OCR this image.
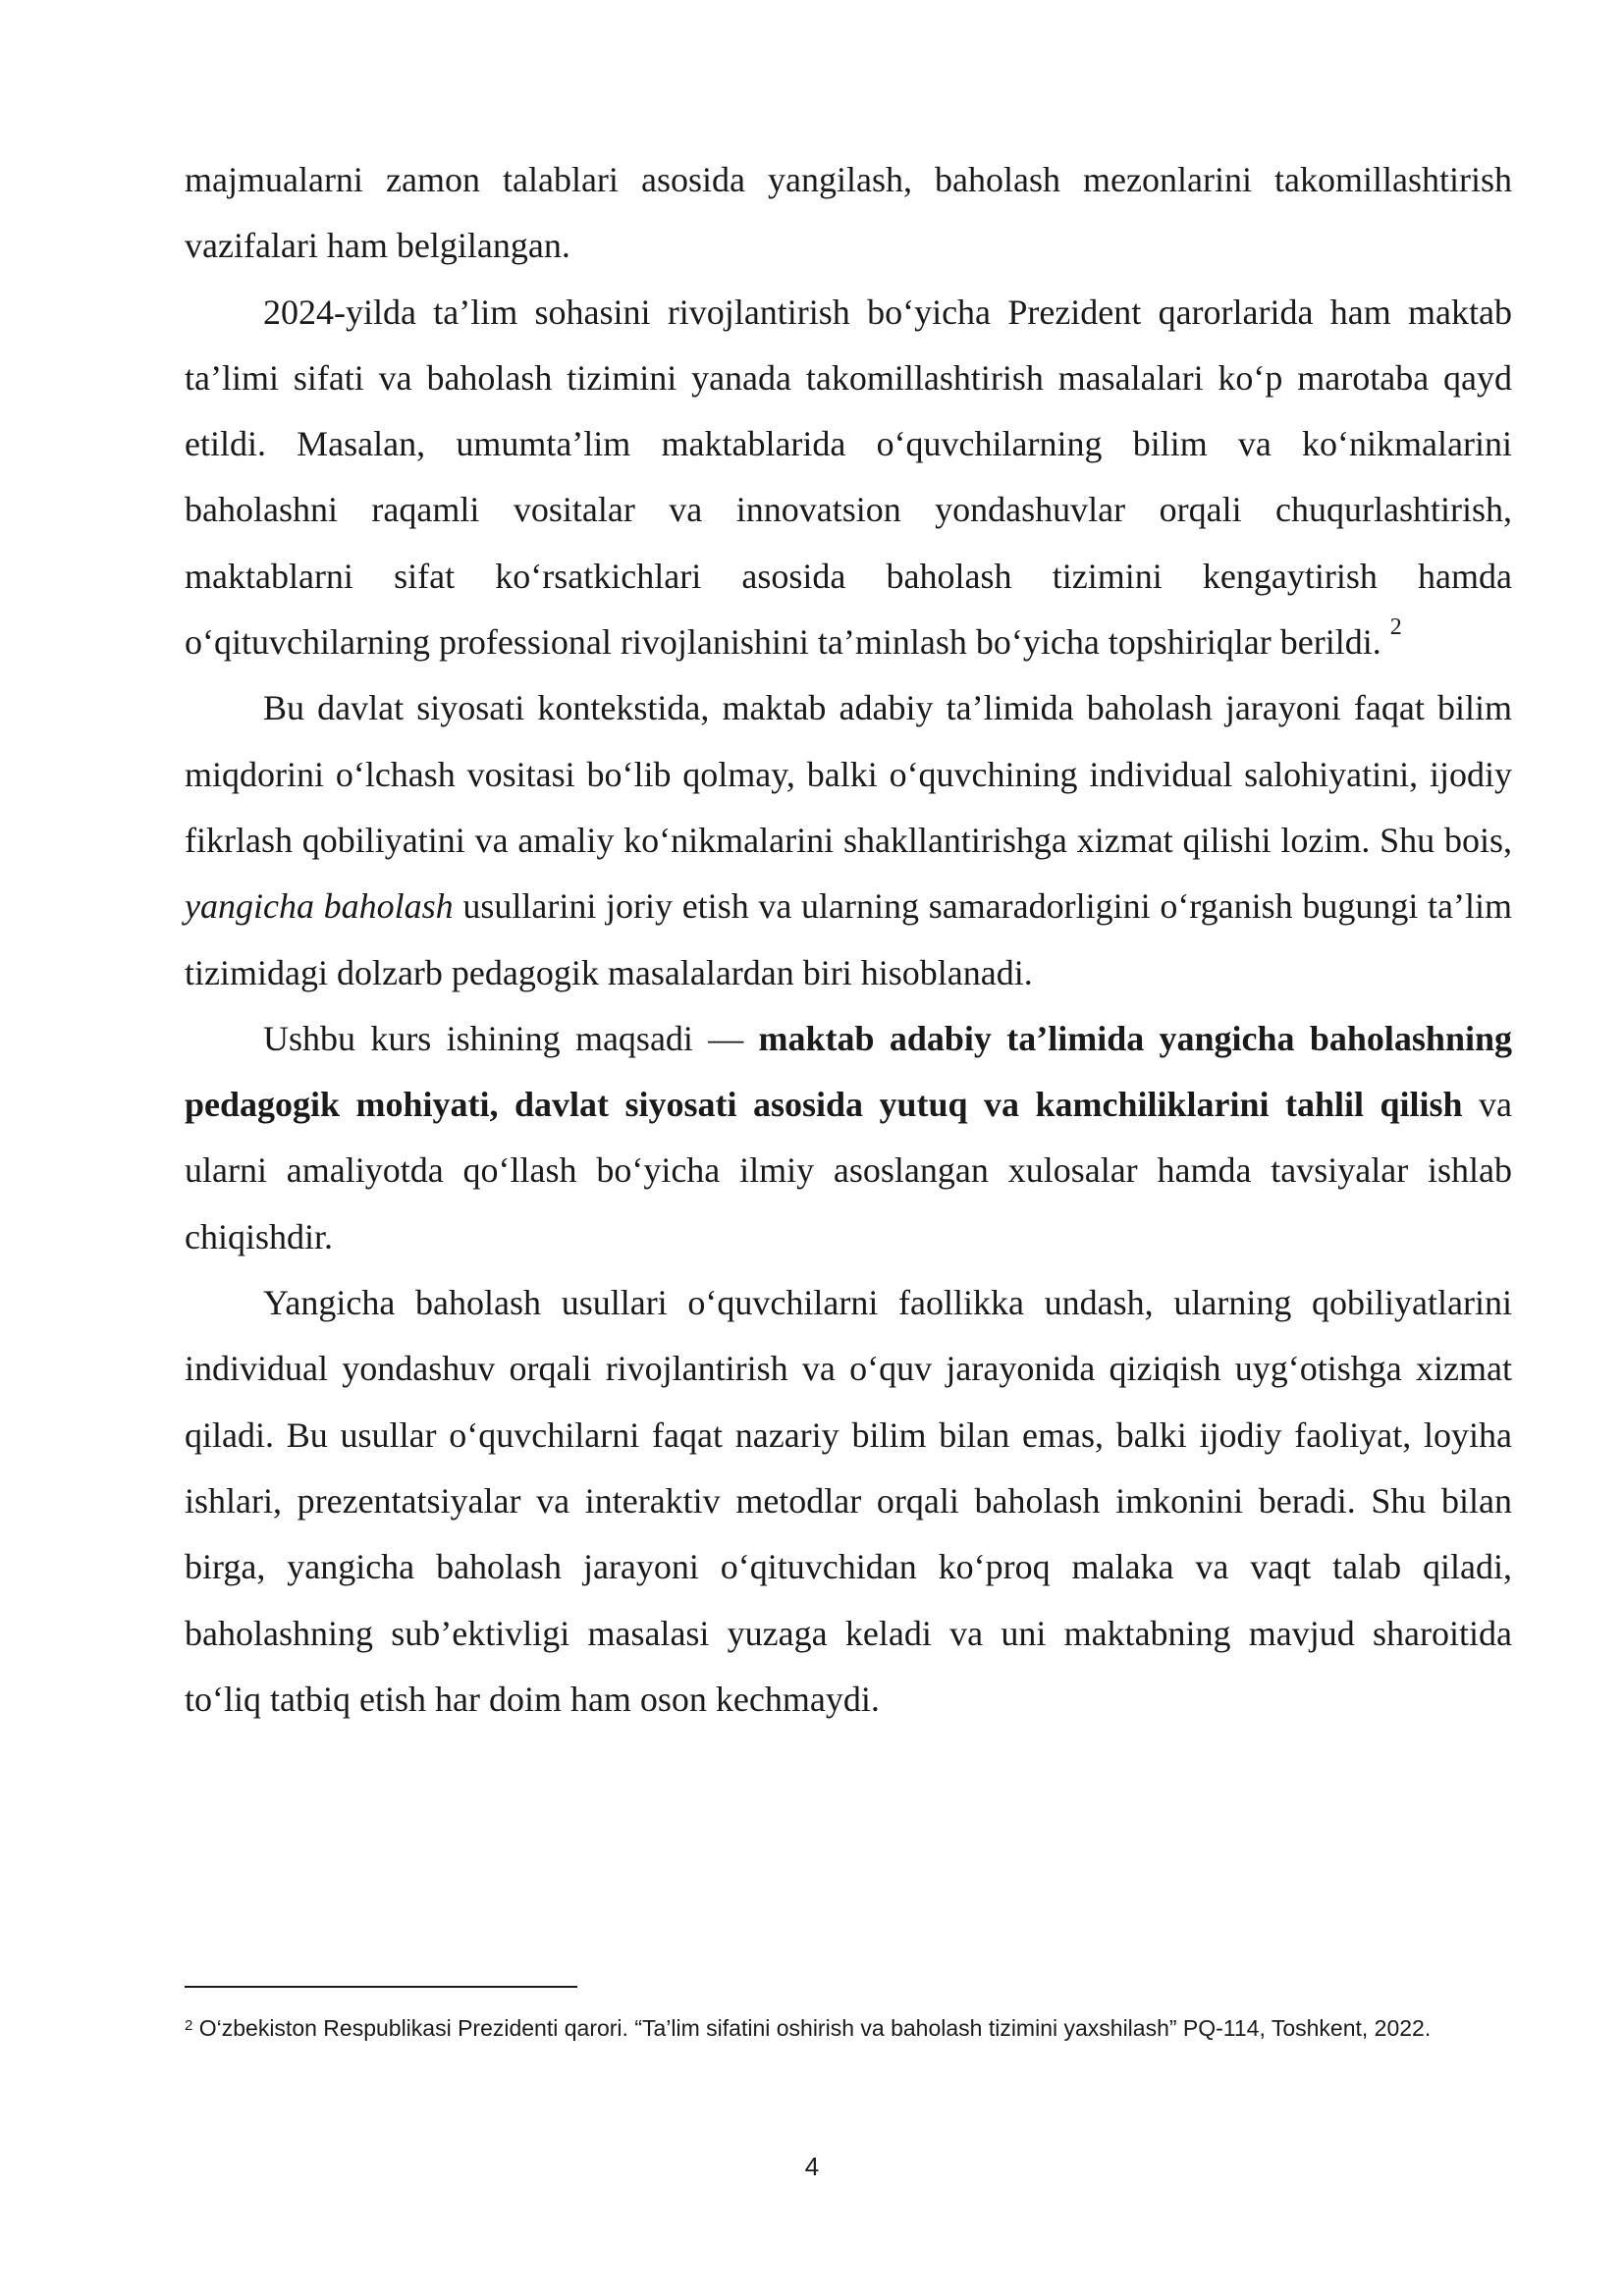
majmualarni zamon talablari asosida yangilash, baholash mezonlarini takomillashtirish vazifalari ham belgilangan.

2024-yilda ta’lim sohasini rivojlantirish bo‘yicha Prezident qarorlarida ham maktab ta’limi sifati va baholash tizimini yanada takomillashtirish masalalari ko‘p marotaba qayd etildi. Masalan, umumta’lim maktablarida o‘quvchilarning bilim va ko‘nikmalarini baholashni raqamli vositalar va innovatsion yondashuvlar orqali chuqurlashtirish, maktablarni sifat ko‘rsatkichlari asosida baholash tizimini kengaytirish hamda o‘qituvchilarning professional rivojlanishini ta’minlash bo‘yicha topshiriqlar berildi. $^2$

Bu davlat siyosati kontekstida, maktab adabiy ta’limida baholash jarayoni faqat bilim miqdorini o‘lchash vositasi bo‘lib qolmay, balki o‘quvchining individual salohiyatini, ijodiy fikrlash qobiliyatini va amaliy ko‘nikmalarini shakllantirishga xizmat qilishi lozim. Shu bois, yangicha baholash usullarini joriy etish va ularning samaradorligini o‘rganish bugungi ta’lim tizimidagi dolzarb pedagogik masalalardan biri hisoblanadi.

Ushbu kurs ishining maqsadi — maktab adabiy ta’limida yangicha baholashning pedagogik mohiyati, davlat siyosati asosida yutuq va kamchiliklarini tahlil qilish va ularni amaliyotda qo‘llash bo‘yicha ilmiy asoslangan xulosalar hamda tavsiyalar ishlab chiqishdir.

Yangicha baholash usullari o‘quvchilarni faollikka undash, ularning qobiliyatlarini individual yondashuv orqali rivojlantirish va o‘quv jarayonida qiziqish uyg‘otishga xizmat qiladi. Bu usullar o‘quvchilarni faqat nazariy bilim bilan emas, balki ijodiy faoliyat, loyiha ishlari, prezentatsiyalar va interaktiv metodlar orqali baholash imkonini beradi. Shu bilan birga, yangicha baholash jarayoni o‘qituvchidan ko‘proq malaka va vaqt talab qiladi, baholashning sub’ektivligi masalasi yuzaga keladi va uni maktabning mavjud sharoitida to‘liq tatbiq etish har doim ham oson kechmaydi.

$^2$ O‘zbekiston Respublikasi Prezidenti qarori. “Ta’lim sifatini oshirish va baholash tizimini yaxshilash” PQ-114, Toshkent, 2022.
4
